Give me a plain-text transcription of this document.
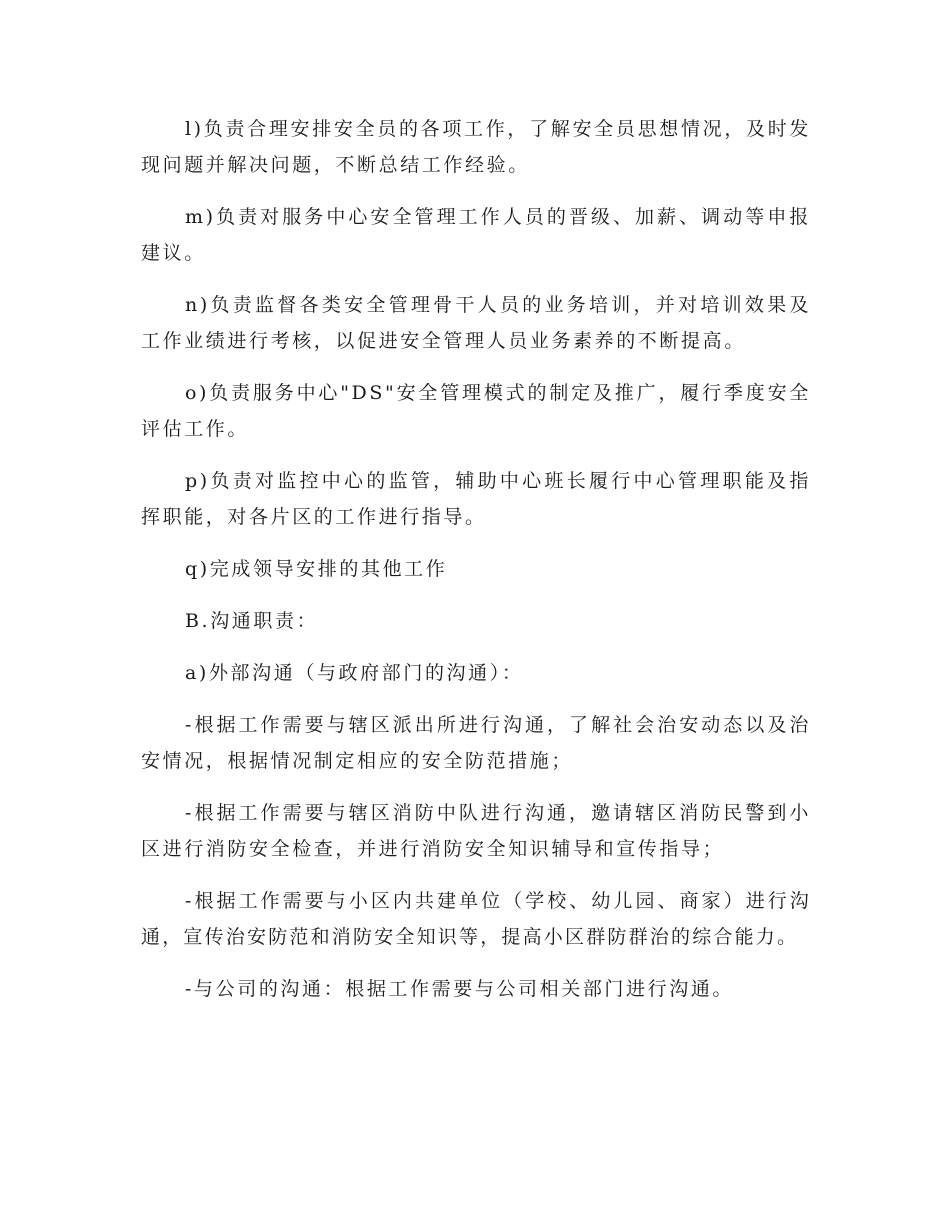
l)负责合理安排安全员的各项工作，了解安全员思想情况，及时发现问题并解决问题，不断总结工作经验。

m)负责对服务中心安全管理工作人员的晋级、加薪、调动等申报建议。

n)负责监督各类安全管理骨干人员的业务培训，并对培训效果及工作业绩进行考核，以促进安全管理人员业务素养的不断提高。

o)负责服务中心"DS"安全管理模式的制定及推广，履行季度安全评估工作。

p)负责对监控中心的监管，辅助中心班长履行中心管理职能及指挥职能，对各片区的工作进行指导。

q)完成领导安排的其他工作

B.沟通职责：

a)外部沟通（与政府部门的沟通）：

-根据工作需要与辖区派出所进行沟通，了解社会治安动态以及治安情况，根据情况制定相应的安全防范措施；

-根据工作需要与辖区消防中队进行沟通，邀请辖区消防民警到小区进行消防安全检查，并进行消防安全知识辅导和宣传指导；

-根据工作需要与小区内共建单位（学校、幼儿园、商家）进行沟通，宣传治安防范和消防安全知识等，提高小区群防群治的综合能力。

-与公司的沟通：根据工作需要与公司相关部门进行沟通。
